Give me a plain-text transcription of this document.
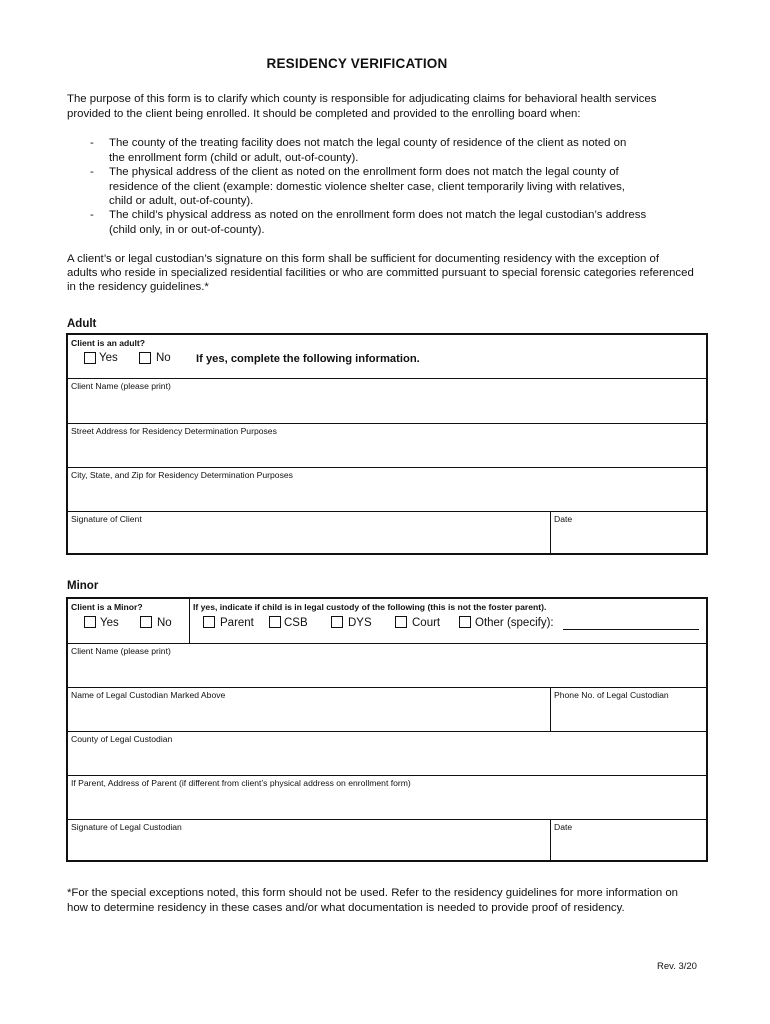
RESIDENCY VERIFICATION
The purpose of this form is to clarify which county is responsible for adjudicating claims for behavioral health services
provided to the client being enrolled. It should be completed and provided to the enrolling board when:
- The county of the treating facility does not match the legal county of residence of the client as noted on
the enrollment form (child or adult, out-of-county).
- The physical address of the client as noted on the enrollment form does not match the legal county of
residence of the client (example: domestic violence shelter case, client temporarily living with relatives,
child or adult, out-of-county).
- The child’s physical address as noted on the enrollment form does not match the legal custodian’s address
(child only, in or out-of-county).
A client’s or legal custodian’s signature on this form shall be sufficient for documenting residency with the exception of
adults who reside in specialized residential facilities or who are committed pursuant to special forensic categories referenced
in the residency guidelines.*
Adult
Client is an adult?
Yes	No If yes, complete the following information.
Client Name (please print)
Street Address for Residency Determination Purposes
City, State, and Zip for Residency Determination Purposes
Signature of Client	Date
Minor
Client is a Minor?
Yes	No
If yes, indicate if child is in legal custody of the following (this is not the foster parent).
Parent	CSB	DYS	Court	Other (specify):
Client Name (please print)
Name of Legal Custodian Marked Above	Phone No. of Legal Custodian
County of Legal Custodian
If Parent, Address of Parent (if different from client’s physical address on enrollment form)
Signature of Legal Custodian	Date
*For the special exceptions noted, this form should not be used. Refer to the residency guidelines for more information on
how to determine residency in these cases and/or what documentation is needed to provide proof of residency.
Rev. 3/20
